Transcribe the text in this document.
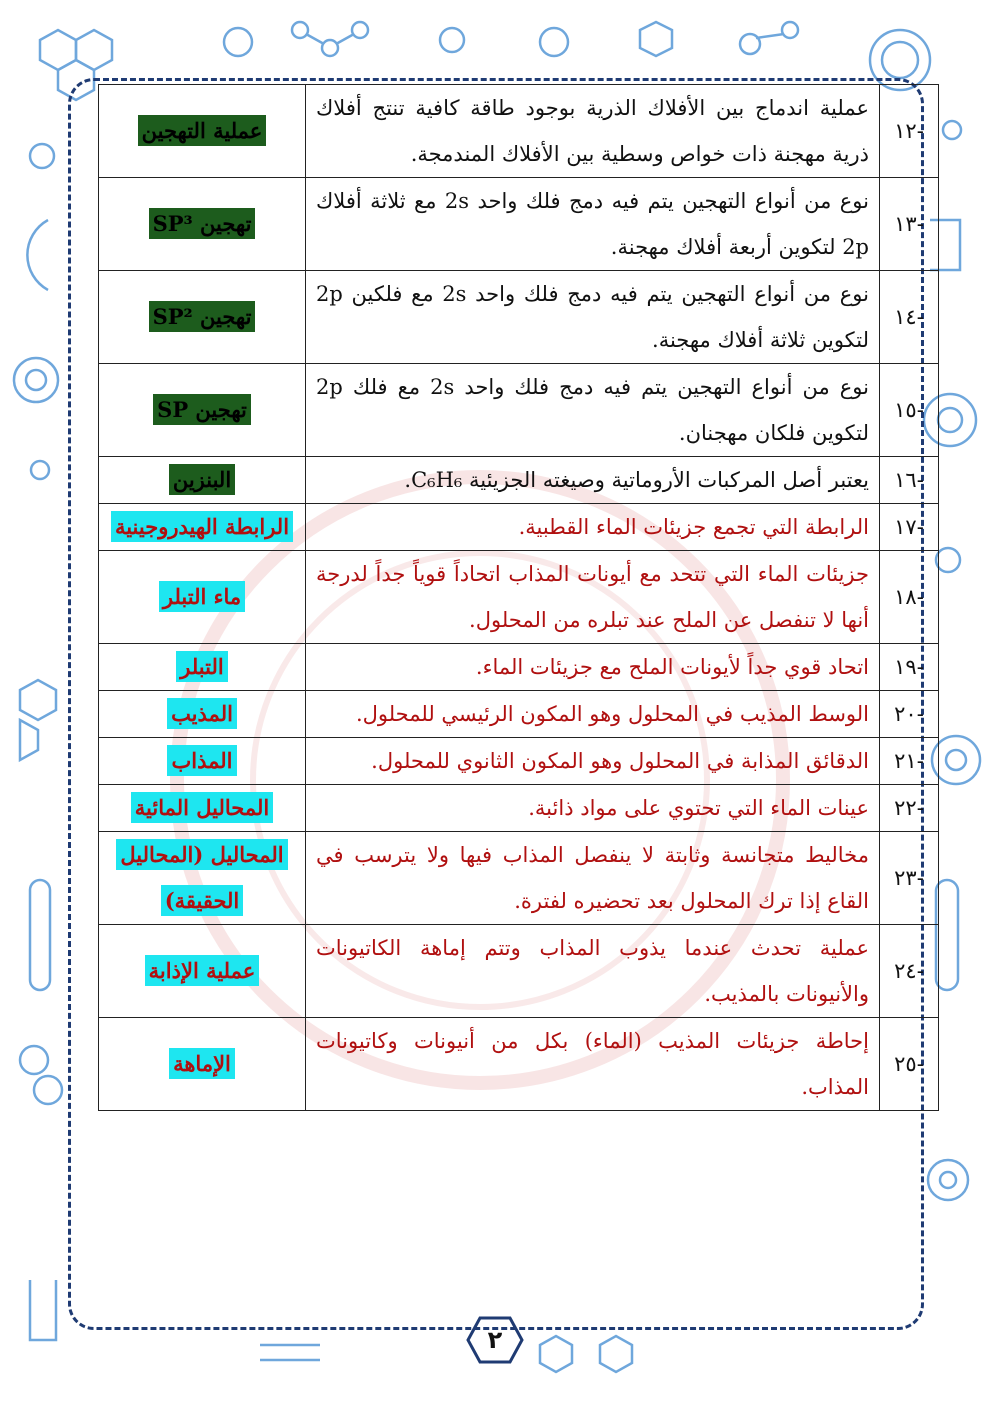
-١٢	عملية اندماج بين الأفلاك الذرية بوجود طاقة كافية تنتج أفلاك ذرية مهجنة ذات خواص وسطية بين الأفلاك المندمجة.	عملية التهجين
-١٣	نوع من أنواع التهجين يتم فيه دمج فلك واحد 2s مع ثلاثة أفلاك 2p لتكوين أربعة أفلاك مهجنة.	تهجين SP³
-١٤	نوع من أنواع التهجين يتم فيه دمج فلك واحد 2s مع فلكين 2p لتكوين ثلاثة أفلاك مهجنة.	تهجين SP²
-١٥	نوع من أنواع التهجين يتم فيه دمج فلك واحد 2s مع فلك 2p لتكوين فلكان مهجنان.	تهجين SP
-١٦	يعتبر أصل المركبات الأروماتية وصيغته الجزيئية C₆H₆.	البنزين
-١٧	الرابطة التي تجمع جزيئات الماء القطبية.	الرابطة الهيدروجينية
-١٨	جزيئات الماء التي تتحد مع أيونات المذاب اتحاداً قوياً جداً لدرجة أنها لا تنفصل عن الملح عند تبلره من المحلول.	ماء التبلر
-١٩	اتحاد قوي جداً لأيونات الملح مع جزيئات الماء.	التبلر
-٢٠	الوسط المذيب في المحلول وهو المكون الرئيسي للمحلول.	المذيب
-٢١	الدقائق المذابة في المحلول وهو المكون الثانوي للمحلول.	المذاب
-٢٢	عينات الماء التي تحتوي على مواد ذائبة.	المحاليل المائية
-٢٣	مخاليط متجانسة وثابتة لا ينفصل المذاب فيها ولا يترسب في القاع إذا ترك المحلول بعد تحضيره لفترة.	المحاليل (المحاليل الحقيقة)
-٢٤	عملية تحدث عندما يذوب المذاب وتتم إماهة الكاتيونات والأنيونات بالمذيب.	عملية الإذابة
-٢٥	إحاطة جزيئات المذيب (الماء) بكل من أنيونات وكاتيونات المذاب.	الإماهة
٢
